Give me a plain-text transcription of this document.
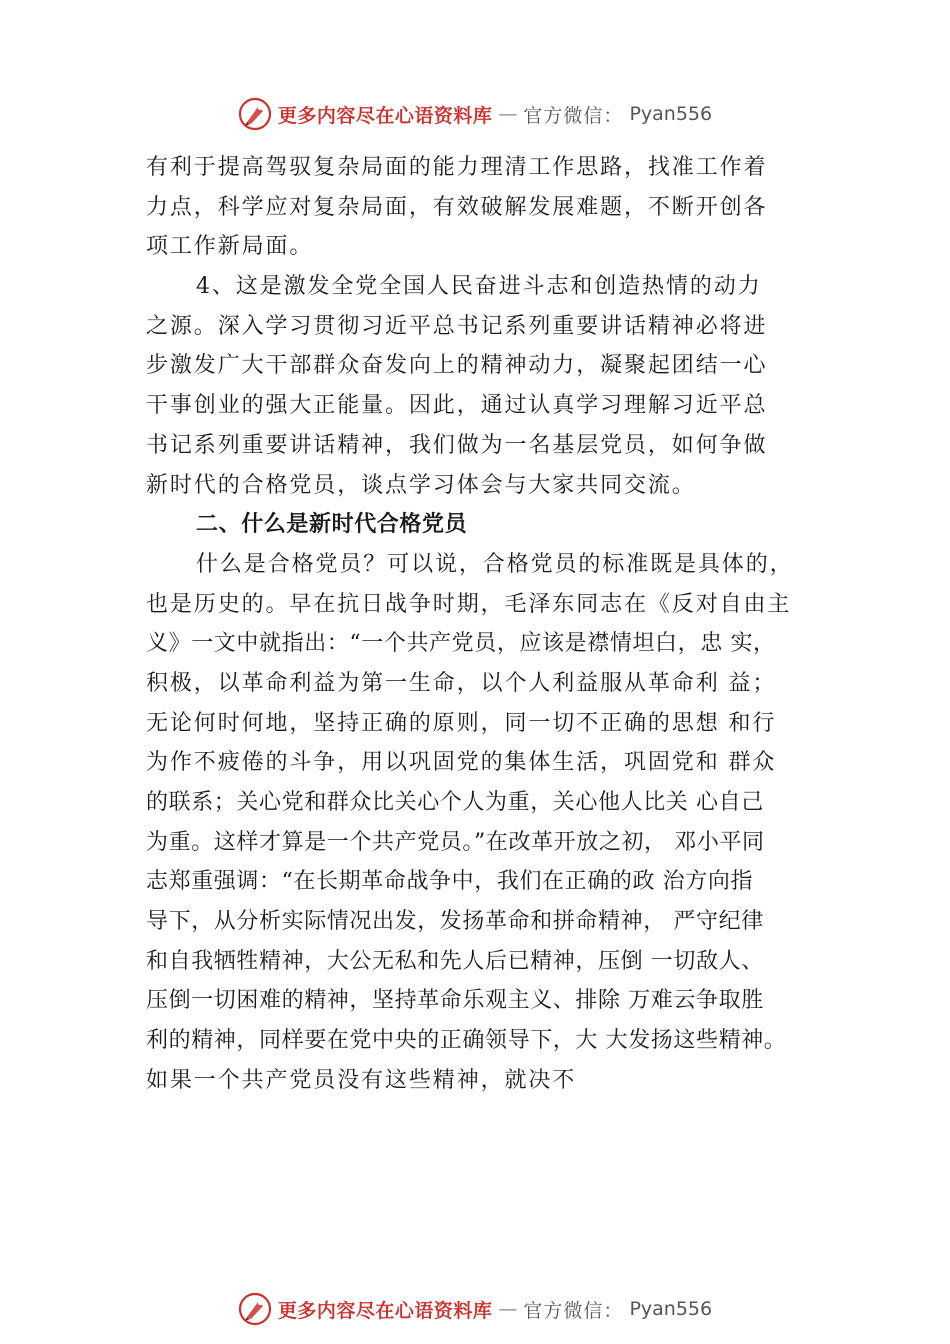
更多内容尽在心语资料库 — 官方微信： Pyan556
有利于提高驾驭复杂局面的能力理清工作思路，找准工作着
力点，科学应对复杂局面，有效破解发展难题，不断开创各
项工作新局面。
4、这是激发全党全国人民奋进斗志和创造热情的动力
之源。深入学习贯彻习近平总书记系列重要讲话精神必将进
步激发广大干部群众奋发向上的精神动力，凝聚起团结一心
干事创业的强大正能量。因此，通过认真学习理解习近平总
书记系列重要讲话精神，我们做为一名基层党员，如何争做
新时代的合格党员，谈点学习体会与大家共同交流。
二、什么是新时代合格党员
什么是合格党员？可以说，合格党员的标准既是具体的，
也是历史的。早在抗日战争时期，毛泽东同志在《反对自由主
义》一文中就指出：“一个共产党员，应该是襟情坦白，忠 实，
积极，以革命利益为第一生命，以个人利益服从革命利 益；
无论何时何地，坚持正确的原则，同一切不正确的思想 和行
为作不疲倦的斗争，用以巩固党的集体生活，巩固党和 群众
的联系；关心党和群众比关心个人为重，关心他人比关 心自己
为重。这样才算是一个共产党员。”在改革开放之初， 邓小平同
志郑重强调：“在长期革命战争中，我们在正确的政 治方向指
导下，从分析实际情况出发，发扬革命和拼命精神， 严守纪律
和自我牺牲精神，大公无私和先人后已精神，压倒 一切敌人、
压倒一切困难的精神，坚持革命乐观主义、排除 万难云争取胜
利的精神，同样要在党中央的正确领导下，大 大发扬这些精神。
如果一个共产党员没有这些精神，就决不
更多内容尽在心语资料库 — 官方微信： Pyan556
